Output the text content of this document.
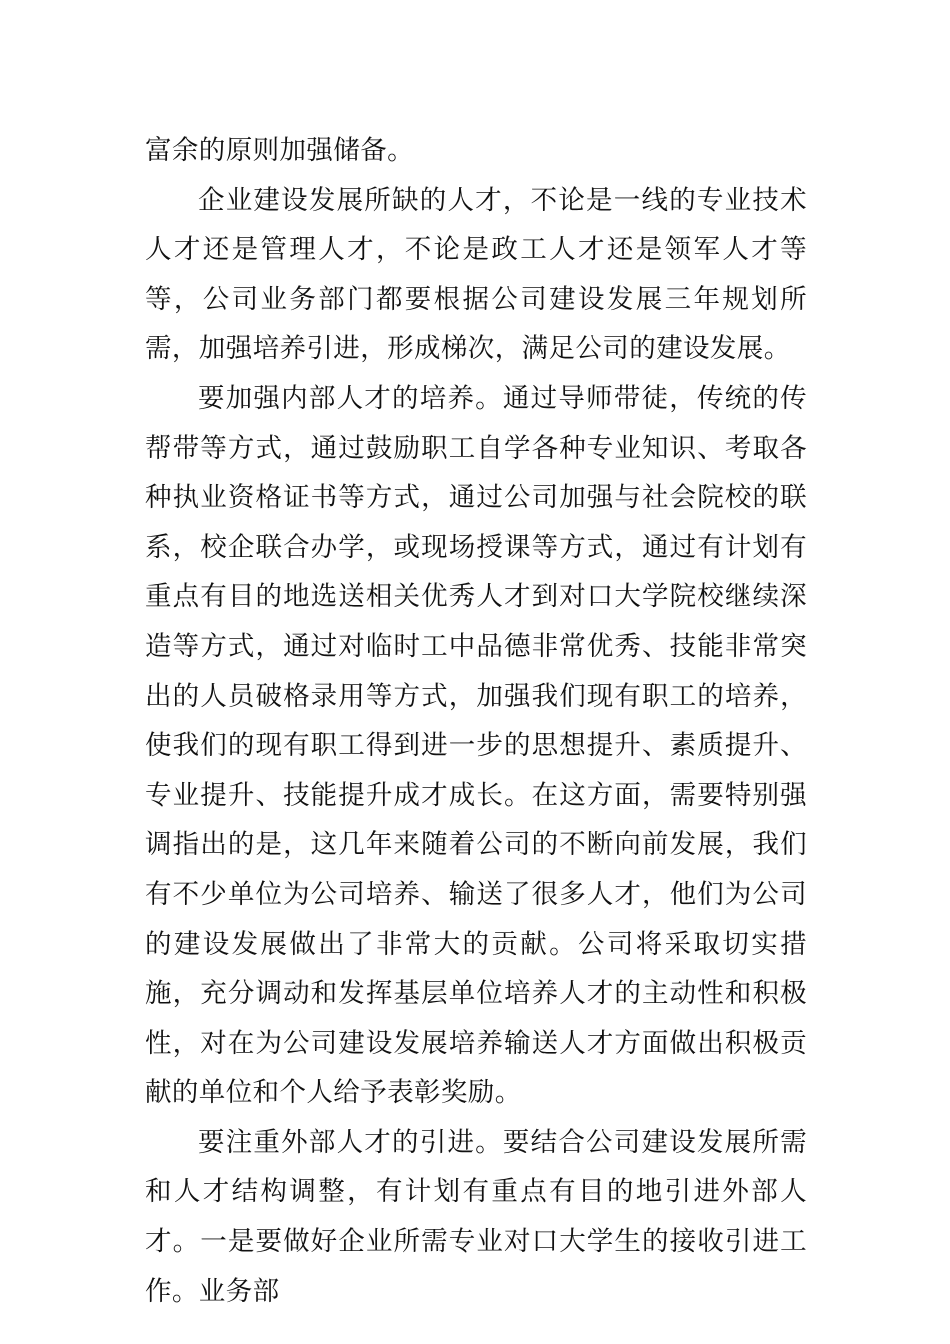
富余的原则加强储备。

企业建设发展所缺的人才，不论是一线的专业技术人才还是管理人才，不论是政工人才还是领军人才等等，公司业务部门都要根据公司建设发展三年规划所需，加强培养引进，形成梯次，满足公司的建设发展。

要加强内部人才的培养。通过导师带徒，传统的传帮带等方式，通过鼓励职工自学各种专业知识、考取各种执业资格证书等方式，通过公司加强与社会院校的联系，校企联合办学，或现场授课等方式，通过有计划有重点有目的地选送相关优秀人才到对口大学院校继续深造等方式，通过对临时工中品德非常优秀、技能非常突出的人员破格录用等方式，加强我们现有职工的培养，使我们的现有职工得到进一步的思想提升、素质提升、专业提升、技能提升成才成长。在这方面，需要特别强调指出的是，这几年来随着公司的不断向前发展，我们有不少单位为公司培养、输送了很多人才，他们为公司的建设发展做出了非常大的贡献。公司将采取切实措施，充分调动和发挥基层单位培养人才的主动性和积极性，对在为公司建设发展培养输送人才方面做出积极贡献的单位和个人给予表彰奖励。

要注重外部人才的引进。要结合公司建设发展所需和人才结构调整，有计划有重点有目的地引进外部人才。一是要做好企业所需专业对口大学生的接收引进工作。业务部
